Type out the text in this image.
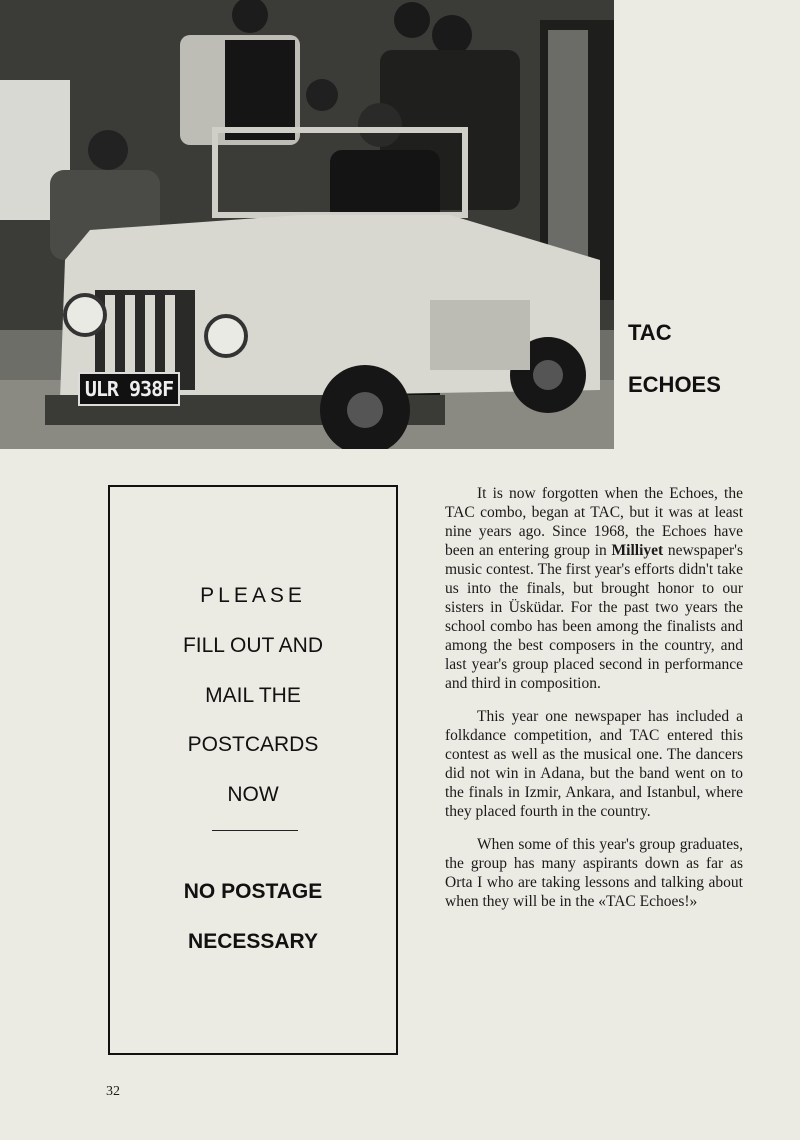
ULR 938F
TAC
ECHOES
PLEASE
FILL OUT AND
MAIL THE
POSTCARDS
NOW
NO POSTAGE
NECESSARY

It is now forgotten when the Echoes, the TAC combo, began at TAC, but it was at least nine years ago. Since 1968, the Echoes have been an entering group in Milliyet newspaper's music contest. The first year's efforts didn't take us into the finals, but brought honor to our sisters in Üsküdar. For the past two years the school combo has been among the finalists and among the best composers in the country, and last year's group placed second in performance and third in composition.

This year one newspaper has included a folkdance competition, and TAC entered this contest as well as the musical one. The dancers did not win in Adana, but the band went on to the finals in Izmir, Ankara, and Istanbul, where they placed fourth in the country.

When some of this year's group graduates, the group has many aspirants down as far as Orta I who are taking lessons and talking about when they will be in the «TAC Echoes!»

32
